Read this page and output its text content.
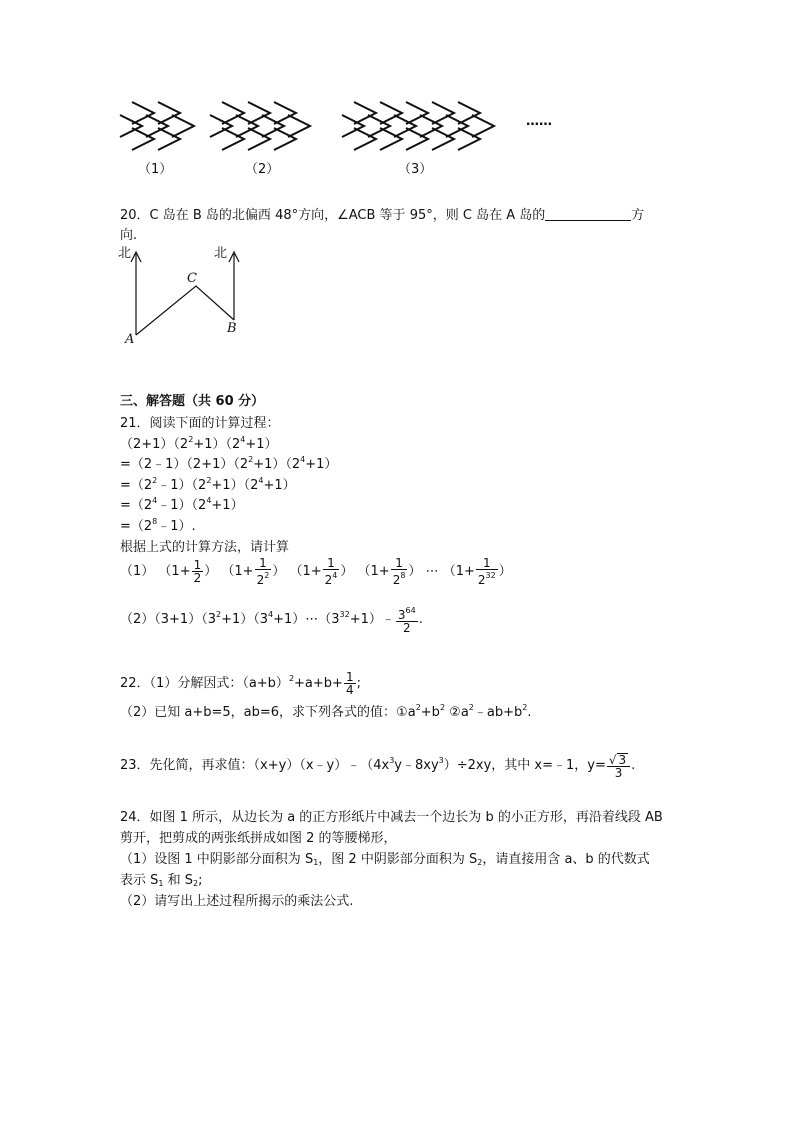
（1）	（2）	（3）
……
20．C 岛在 B 岛的北偏西 48°方向，∠ACB 等于 95°，则 C 岛在 A 岛的	方
向.
北	北
C
A
B
三、解答题（共 60 分）
21．阅读下面的计算过程：
$(2+1)(2^2+1)(2^4+1)$
$=(2﹣1)(2+1)(2^2+1)(2^4+1)$
$=(2^2﹣1)(2^2+1)(2^4+1)$
$=(2^4﹣1)(2^4+1)$
$=(2^8﹣1)$.
根据上式的计算方法，请计算
（1） （$1+ \frac{1}{2}$ ） （$1+ \frac{1}{2^2}$ ） （$1+ \frac{1}{2^4}$ ） （$1+ \frac{1}{2^8}$ ） ⋯ （$1+ \frac{1}{2^{32}}$ ）
$(2)(3+1)(3^2+1)(3^4+1)\cdots(3^{32}+1)﹣ \frac{3^{64}}{2}$ .
22．（1）分解因式：$(a+b)^2+a+b+ \frac{1}{4}$ ;
（2）已知 a+b=5，ab=6，求下列各式的值：$①a^2+b^2$ $②a^2﹣ab+b^2$.
23．先化简，再求值：$(x+y)(x﹣y)﹣(4x^3y﹣8xy^3)\div 2xy$，其中 x=﹣1，$y= \frac{√ 3}{3}$ .
24．如图 1 所示，从边长为 a 的正方形纸片中减去一个边长为 b 的小正方形，再沿着线段 AB
剪开，把剪成的两张纸拼成如图 2 的等腰梯形，
（1）设图 1 中阴影部分面积为 $S_1$，图 2 中阴影部分面积为 $S_2$，请直接用含 a、b 的代数式
表示 $S_1$ 和 $S_2$;
（2）请写出上述过程所揭示的乘法公式.
